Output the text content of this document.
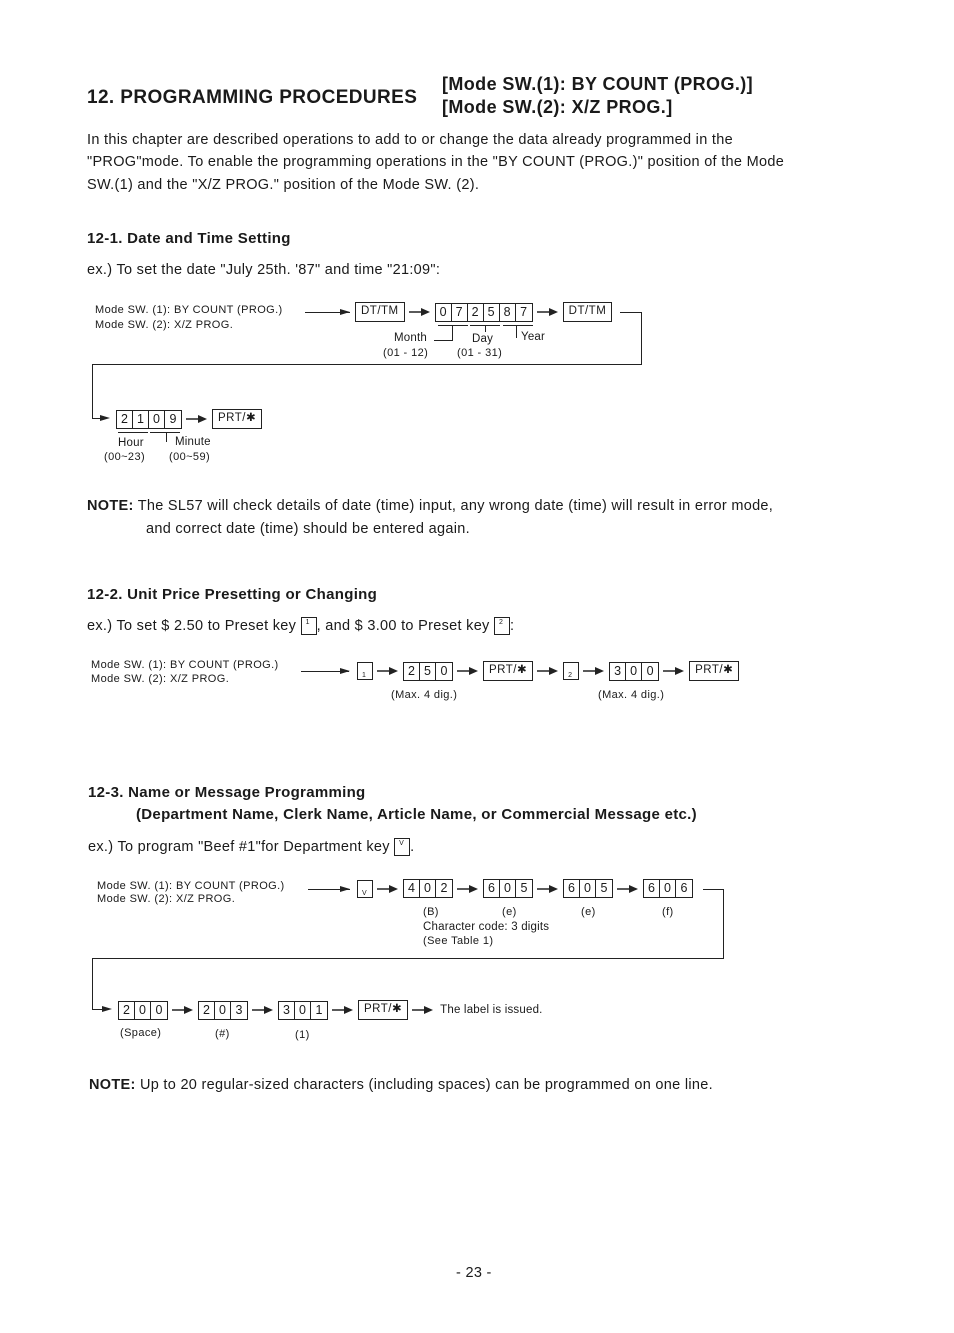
12. PROGRAMMING PROCEDURES
[Mode SW.(1): BY COUNT (PROG.)]
[Mode SW.(2): X/Z PROG.]
In this chapter are described operations to add to or change the data already programmed in the
"PROG"mode. To enable the programming operations in the "BY COUNT (PROG.)" position of the Mode
SW.(1) and the "X/Z PROG." position of the Mode SW. (2).
12-1. Date and Time Setting
ex.) To set the date "July 25th. '87" and time "21:09":
Mode SW. (1): BY COUNT (PROG.)
Mode SW. (2): X/Z PROG.
DT/TM	0 7 2 5 8 7	DT/TM
Month	Day Year
(01 - 12)	(01 - 31)
2 1 0 9	PRT/✱
Hour	Minute
(00~23) (00~59)
NOTE: The SL57 will check details of date (time) input, any wrong date (time) will result in error mode,
and correct date (time) should be entered again.
12-2. Unit Price Presetting or Changing
ex.) To set $ 2.50 to Preset key 1 , and $ 3.00 to Preset key 2 :
Mode SW. (1): BY COUNT (PROG.)
Mode SW. (2): X/Z PROG.	1	2 5 0	PRT/✱	2	3 0 0	PRT/✱
(Max. 4 dig.)	(Max. 4 dig.)
12-3. Name or Message Programming
(Department Name, Clerk Name, Article Name, or Commercial Message etc.)
ex.) To program "Beef #1"for Department key V .
Mode SW. (1): BY COUNT (PROG.)
Mode SW. (2): X/Z PROG.	V	4 0 2	6 0 5	6 0 5	6 0 6
(B)	(e)	(e)	(f)
Character code: 3 digits
(See Table 1)
2 0 0	2 0 3	3 0 1	PRT/✱	The label is issued.
(Space)	(#)	(1)
NOTE: Up to 20 regular-sized characters (including spaces) can be programmed on one line.
- 23 -
